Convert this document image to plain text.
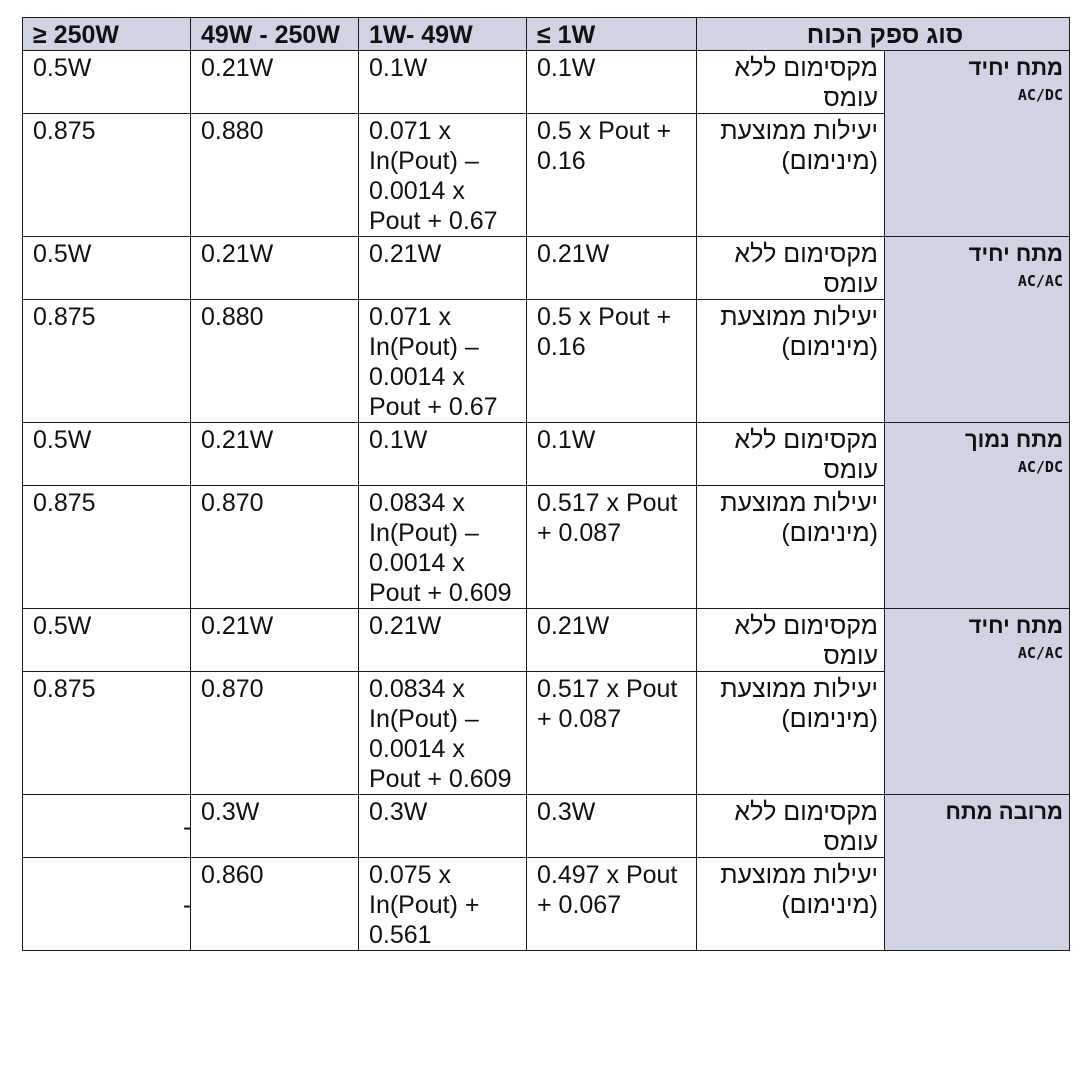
≥ 250W	49W - 250W	1W- 49W	≤ 1W	סוג ספק הכוח	
0.5W	0.21W	0.1W	0.1W	מקסימום ללא עומס	מתח יחיד
AC/DC

0.875	0.880	0.071 x In(Pout) – 0.0014 x Pout + 0.67	0.5 x Pout + 0.16	יעילות ממוצעת (מינימום)	
0.5W	0.21W	0.21W	0.21W	מקסימום ללא עומס	מתח יחיד
AC/AC

0.875	0.880	0.071 x In(Pout) – 0.0014 x Pout + 0.67	0.5 x Pout + 0.16	יעילות ממוצעת (מינימום)	
0.5W	0.21W	0.1W	0.1W	מקסימום ללא עומס	מתח נמוך
AC/DC

0.875	0.870	0.0834 x In(Pout) – 0.0014 x Pout + 0.609	0.517 x Pout + 0.087	יעילות ממוצעת (מינימום)	
0.5W	0.21W	0.21W	0.21W	מקסימום ללא עומס	מתח יחיד
AC/AC

0.875	0.870	0.0834 x In(Pout) – 0.0014 x Pout + 0.609	0.517 x Pout + 0.087	יעילות ממוצעת (מינימום)	
-	0.3W	0.3W	0.3W	מקסימום ללא עומס	מרובה מתח

-	0.860	0.075 x In(Pout) + 0.561	0.497 x Pout + 0.067	יעילות ממוצעת (מינימום)	
